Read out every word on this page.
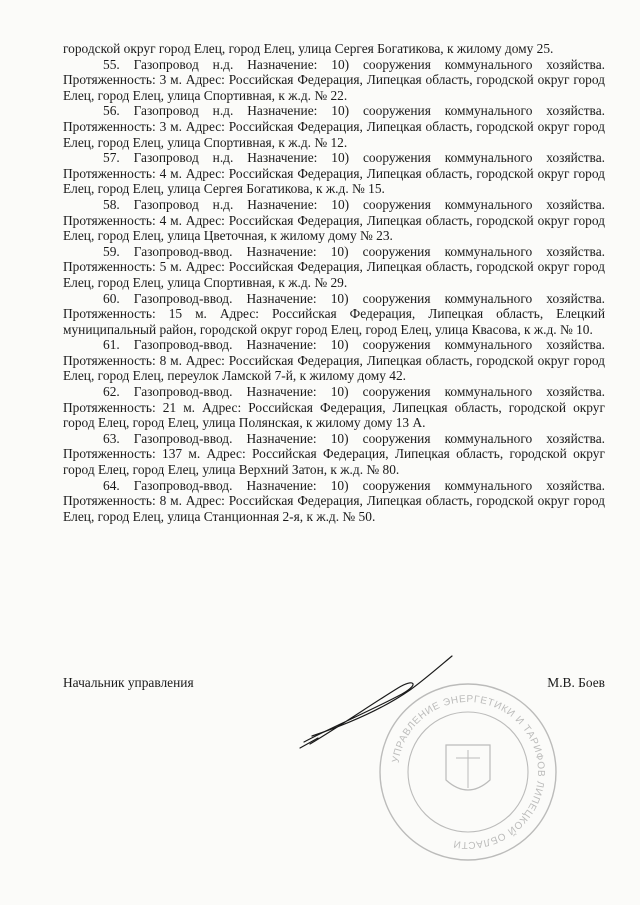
городской округ город Елец, город Елец, улица Сергея Богатикова, к жилому дому 25.

55. Газопровод н.д. Назначение: 10) сооружения коммунального хозяйства. Протяженность: 3 м. Адрес: Российская Федерация, Липецкая область, городской округ город Елец, город Елец, улица Спортивная, к ж.д. № 22.

56. Газопровод н.д. Назначение: 10) сооружения коммунального хозяйства. Протяженность: 3 м. Адрес: Российская Федерация, Липецкая область, городской округ город Елец, город Елец, улица Спортивная, к ж.д. № 12.

57. Газопровод н.д. Назначение: 10) сооружения коммунального хозяйства. Протяженность: 4 м. Адрес: Российская Федерация, Липецкая область, городской округ город Елец, город Елец, улица Сергея Богатикова, к ж.д. № 15.

58. Газопровод н.д. Назначение: 10) сооружения коммунального хозяйства. Протяженность: 4 м. Адрес: Российская Федерация, Липецкая область, городской округ город Елец, город Елец, улица Цветочная, к жилому дому № 23.

59. Газопровод-ввод. Назначение: 10) сооружения коммунального хозяйства. Протяженность: 5 м. Адрес: Российская Федерация, Липецкая область, городской округ город Елец, город Елец, улица Спортивная, к ж.д. № 29.

60. Газопровод-ввод. Назначение: 10) сооружения коммунального хозяйства. Протяженность: 15 м. Адрес: Российская Федерация, Липецкая область, Елецкий муниципальный район, городской округ город Елец, город Елец, улица Квасова, к ж.д. № 10.

61. Газопровод-ввод. Назначение: 10) сооружения коммунального хозяйства. Протяженность: 8 м. Адрес: Российская Федерация, Липецкая область, городской округ город Елец, город Елец, переулок Ламской 7-й, к жилому дому 42.

62. Газопровод-ввод. Назначение: 10) сооружения коммунального хозяйства. Протяженность: 21 м. Адрес: Российская Федерация, Липецкая область, городской округ город Елец, город Елец, улица Полянская, к жилому дому 13 А.

63. Газопровод-ввод. Назначение: 10) сооружения коммунального хозяйства. Протяженность: 137 м. Адрес: Российская Федерация, Липецкая область, городской округ город Елец, город Елец, улица Верхний Затон, к ж.д. № 80.

64. Газопровод-ввод. Назначение: 10) сооружения коммунального хозяйства. Протяженность: 8 м. Адрес: Российская Федерация, Липецкая область, городской округ город Елец, город Елец, улица Станционная 2-я, к ж.д. № 50.

Начальник управления	М.В. Боев
УПРАВЛЕНИЕ ЭНЕРГЕТИКИ И ТАРИФОВ ЛИПЕЦКОЙ ОБЛАСТИ
